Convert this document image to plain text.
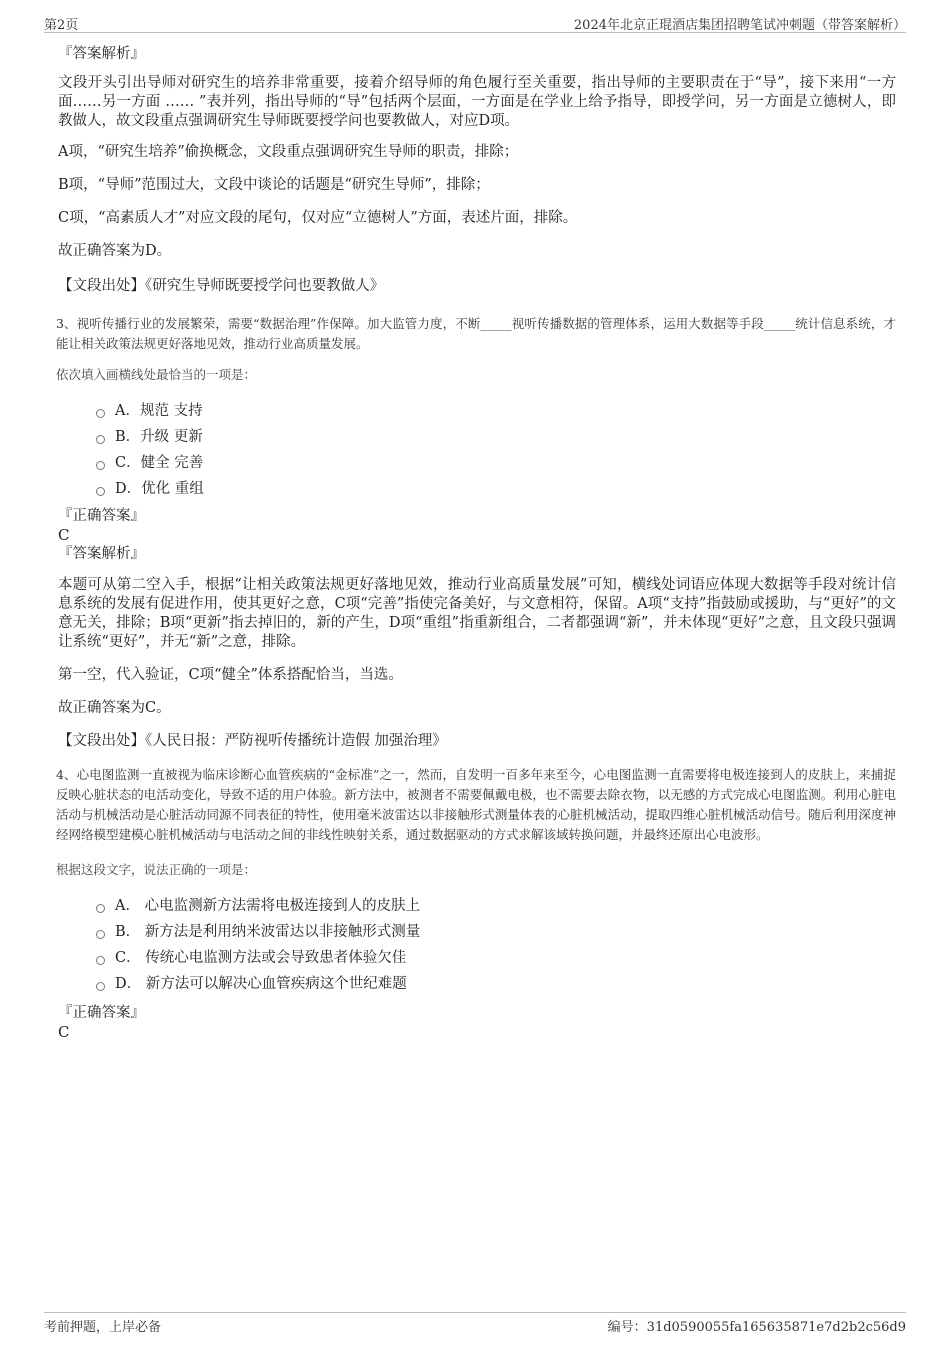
第2页	2024年北京正琨酒店集团招聘笔试冲刺题（带答案解析）

『答案解析』

文段开头引出导师对研究生的培养非常重要，接着介绍导师的角色履行至关重要，指出导师的主要职责在于“导”，接下来用“一方面……另一方面 …… ”表并列，指出导师的“导”包括两个层面，一方面是在学业上给予指导，即授学问，另一方面是立德树人，即教做人，故文段重点强调研究生导师既要授学问也要教做人，对应D项。

A项，“研究生培养”偷换概念，文段重点强调研究生导师的职责，排除；

B项，“导师”范围过大，文段中谈论的话题是“研究生导师”，排除；

C项，“高素质人才”对应文段的尾句，仅对应“立德树人”方面，表述片面，排除。

故正确答案为D。

【文段出处】《研究生导师既要授学问也要教做人》

3、视听传播行业的发展繁荣，需要“数据治理”作保障。加大监管力度，不断_____视听传播数据的管理体系，运用大数据等手段_____统计信息系统，才能让相关政策法规更好落地见效，推动行业高质量发展。

依次填入画横线处最恰当的一项是：

A．规范 支持
B．升级 更新
C．健全 完善
D．优化 重组

『正确答案』

C

『答案解析』

本题可从第二空入手，根据“让相关政策法规更好落地见效，推动行业高质量发展”可知，横线处词语应体现大数据等手段对统计信息系统的发展有促进作用，使其更好之意，C项“完善”指使完备美好，与文意相符，保留。A项“支持”指鼓励或援助，与“更好”的文意无关，排除；B项“更新”指去掉旧的，新的产生，D项“重组”指重新组合，二者都强调“新”，并未体现“更好”之意，且文段只强调让系统“更好”，并无“新”之意，排除。

第一空，代入验证，C项“健全”体系搭配恰当，当选。

故正确答案为C。

【文段出处】《人民日报：严防视听传播统计造假 加强治理》

4、心电图监测一直被视为临床诊断心血管疾病的“金标准”之一，然而，自发明一百多年来至今，心电图监测一直需要将电极连接到人的皮肤上，来捕捉反映心脏状态的电活动变化，导致不适的用户体验。新方法中，被测者不需要佩戴电极，也不需要去除衣物，以无感的方式完成心电图监测。利用心脏电活动与机械活动是心脏活动同源不同表征的特性，使用毫米波雷达以非接触形式测量体表的心脏机械活动，提取四维心脏机械活动信号。随后利用深度神经网络模型建模心脏机械活动与电活动之间的非线性映射关系，通过数据驱动的方式求解该域转换问题，并最终还原出心电波形。

根据这段文字，说法正确的一项是：

A． 心电监测新方法需将电极连接到人的皮肤上
B． 新方法是利用纳米波雷达以非接触形式测量
C． 传统心电监测方法或会导致患者体验欠佳
D． 新方法可以解决心血管疾病这个世纪难题

『正确答案』

C

考前押题，上岸必备	编号：31d0590055fa165635871e7d2b2c56d9
